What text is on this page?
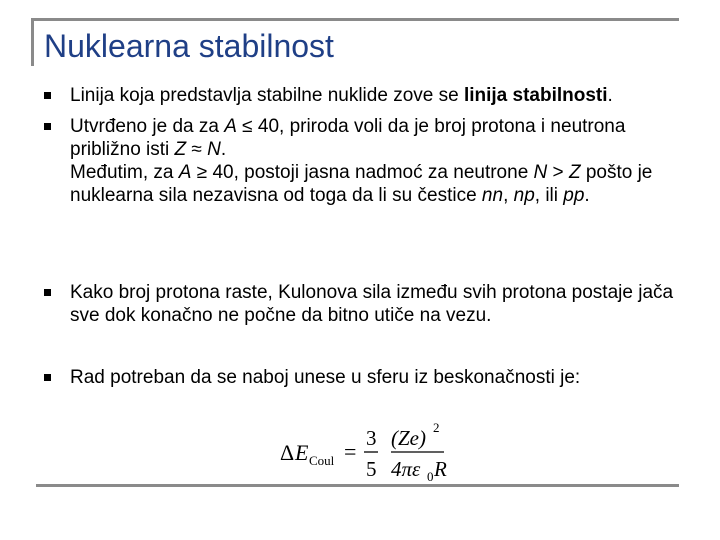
Nuklearna stabilnost

Linija koja predstavlja stabilne nuklide zove se linija stabilnosti.

Utvrđeno je da za A ≤ 40, priroda voli da je broj protona i neutrona približno isti Z ≈ N.

Međutim, za A ≥ 40, postoji jasna nadmoć za neutrone N > Z pošto je nuklearna sila nezavisna od toga da li su čestice nn, np, ili pp.

Kako broj protona raste, Kulonova sila između svih protona postaje jača sve dok konačno ne počne da bitno utiče na vezu.

Rad potreban da se naboj unese u sferu iz beskonačnosti je:

Δ E Coul =
3
5
(Ze) 2
4πε 0 R
